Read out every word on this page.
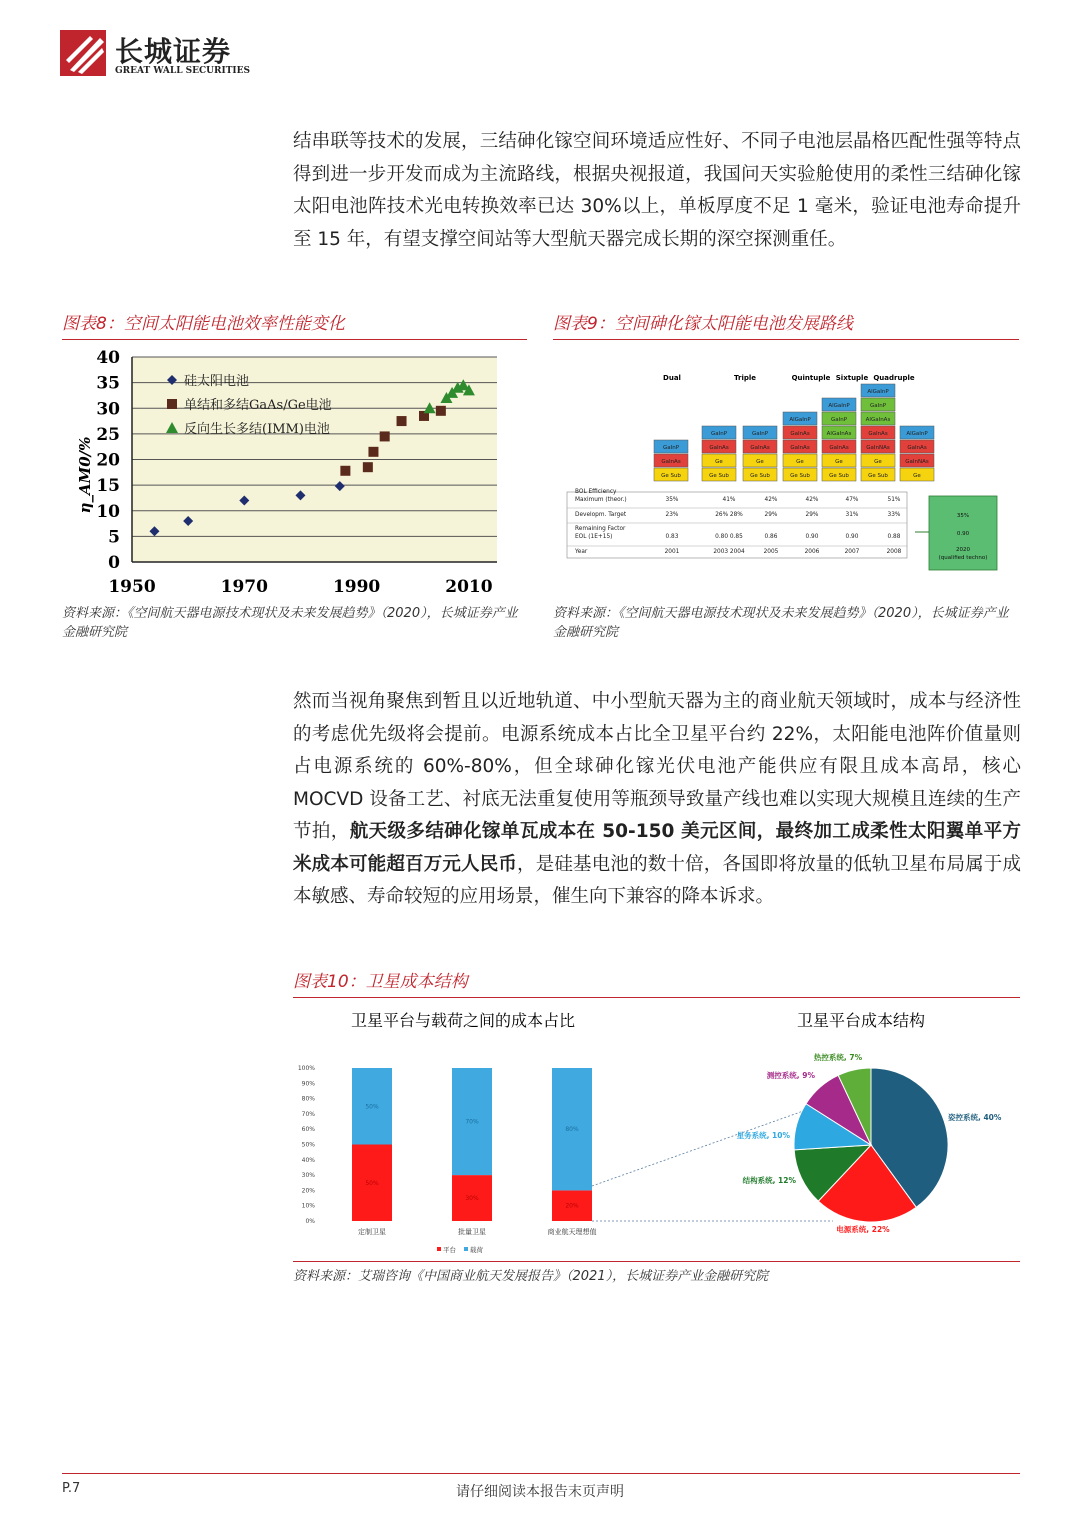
长城证券
GREAT WALL SECURITIES
结串联等技术的发展，三结砷化镓空间环境适应性好、不同子电池层晶格匹配性强等特点得到进一步开发而成为主流路线，根据央视报道，我国问天实验舱使用的柔性三结砷化镓太阳电池阵技术光电转换效率已达 30%以上，单板厚度不足 1 毫米，验证电池寿命提升至 15 年，有望支撑空间站等大型航天器完成长期的深空探测重任。
图表8：空间太阳能电池效率性能变化
0
5
10
15
20
25
30
35
40
1950	1970	1990	2010
硅太阳电池
单结和多结GaAs/Ge电池
反向生长多结(IMM)电池
η_AM0/%
资料来源：《空间航天器电源技术现状及未来发展趋势》（2020），长城证券产业金融研究院
图表9：空间砷化镓太阳能电池发展路线
Dual	Triple	Quintuple Sixtuple Quadruple
GaInP
GaInAs
Ge Sub
GaInP
GaInAs
Ge
Ge Sub
GaInP
GaInAs
Ge
Ge Sub
AlGaInP
GaInAs
GaInAs
Ge
Ge Sub
AlGaInP
GaInP
AlGaInAs
GaInAs
Ge
Ge Sub
AlGaInP
GaInP
AlGaInAs
GaInAs
GaInNAs
Ge
Ge Sub
AlGaInP
GaInAs
GaInNAs
Ge
BOL Efficiency
Maximum (theor.)	35%	41%	42%	42%	47%	51%
Developm. Target	23%	26% 28%	29%	29%	31%	33%
Remaining Factor
EOL (1E+15)	0.83	0.80 0.85	0.86	0.90	0.90	0.88
Year	2001	2003 2004	2005	2006	2007	2008
35%
0.90
2020
(qualified techno)
资料来源：《空间航天器电源技术现状及未来发展趋势》（2020），长城证券产业金融研究院
然而当视角聚焦到暂且以近地轨道、中小型航天器为主的商业航天领域时，成本与经济性的考虑优先级将会提前。电源系统成本占比全卫星平台约 22%，太阳能电池阵价值量则占电源系统的 60%-80%，但全球砷化镓光伏电池产能供应有限且成本高昂，核心MOCVD 设备工艺、衬底无法重复使用等瓶颈导致量产线也难以实现大规模且连续的生产节拍，航天级多结砷化镓单瓦成本在 50-150 美元区间，最终加工成柔性太阳翼单平方米成本可能超百万元人民币，是硅基电池的数十倍，各国即将放量的低轨卫星布局属于成本敏感、寿命较短的应用场景，催生向下兼容的降本诉求。
图表10：卫星成本结构
卫星平台与载荷之间的成本占比	卫星平台成本结构
0%
10%
20%
30%
40%
50%
60%
70%
80%
90%
100%
50%
50%
定制卫星
30%
70%
批量卫星
20%
80%
商业航天理想值
平台 载荷
姿控系统, 40%
电源系统, 22%
结构系统, 12%
星务系统, 10%
测控系统, 9%
热控系统, 7%
资料来源：艾瑞咨询《中国商业航天发展报告》（2021），长城证券产业金融研究院
P.7	请仔细阅读本报告末页声明
